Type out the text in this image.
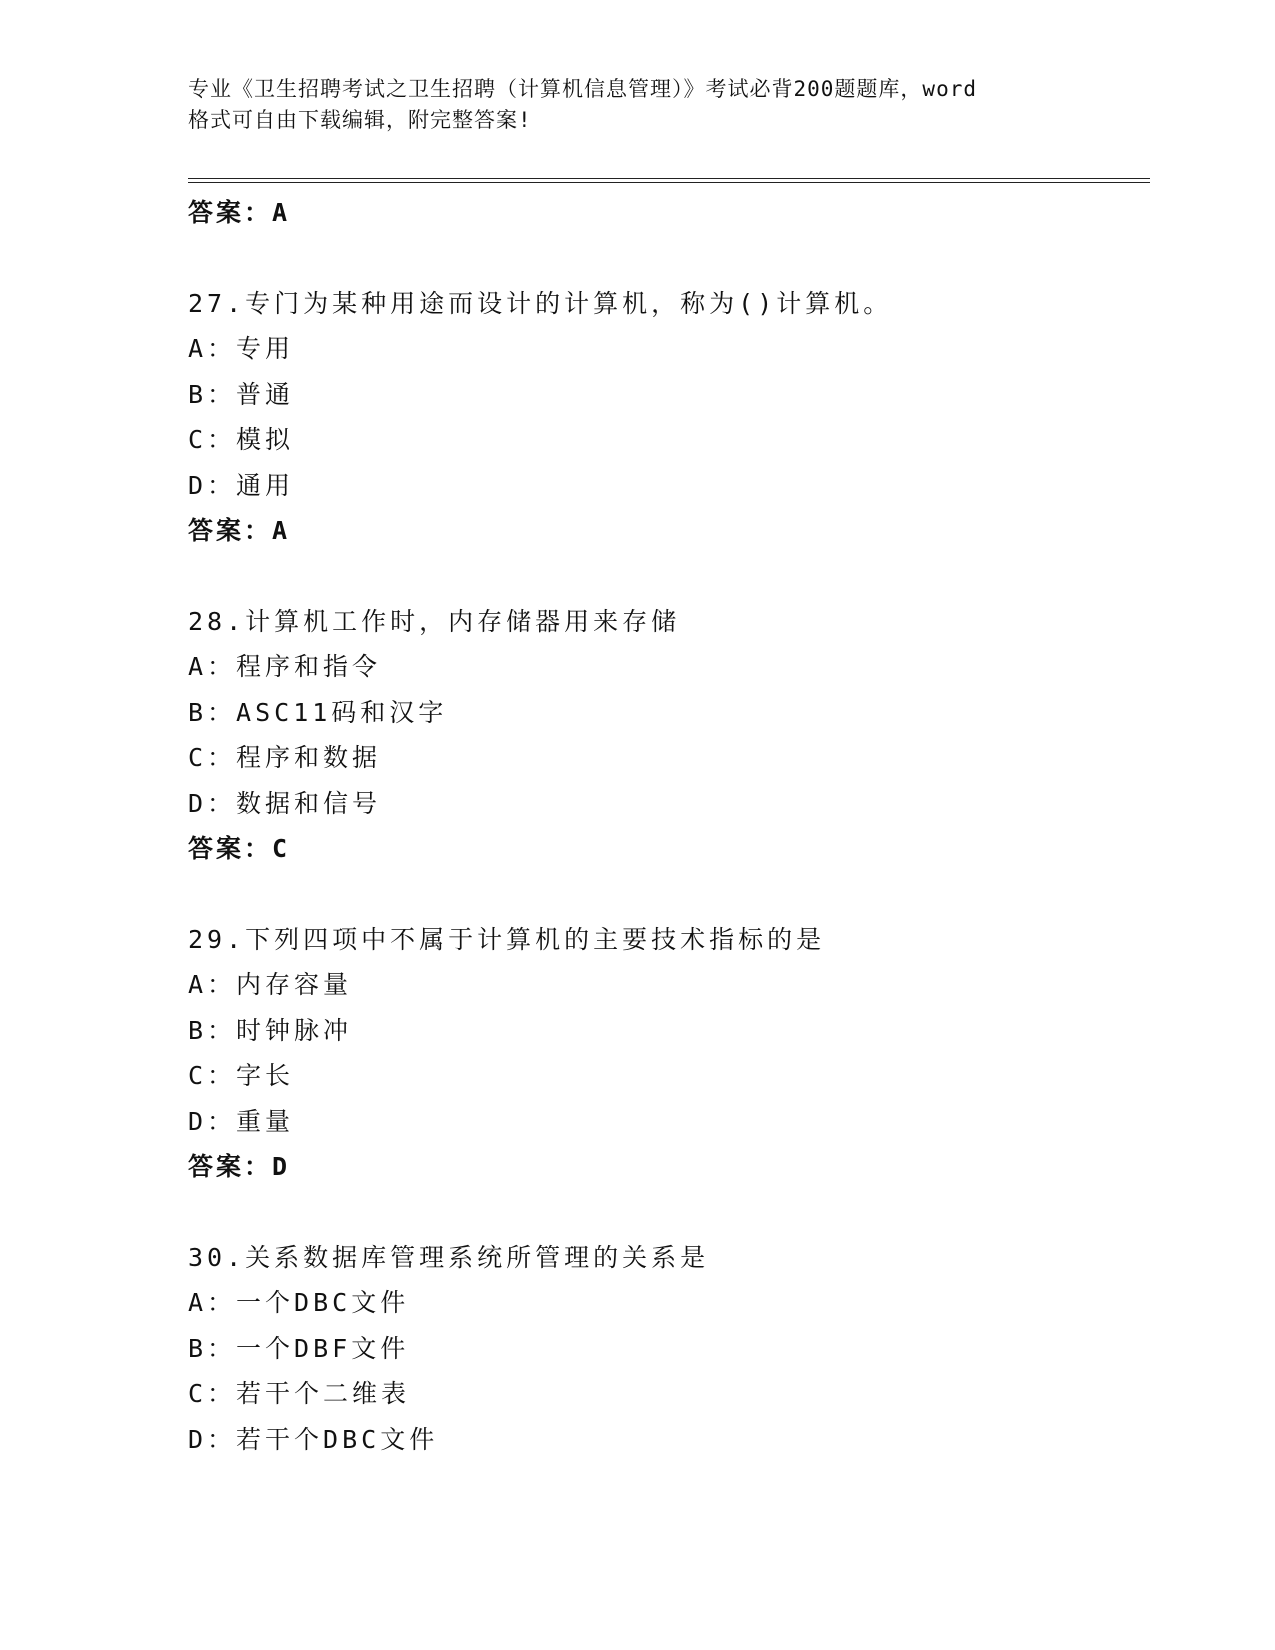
专业《卫生招聘考试之卫生招聘（计算机信息管理）》考试必背200题题库，word
格式可自由下载编辑，附完整答案!
答案：A
27.专门为某种用途而设计的计算机，称为()计算机。
A：专用
B：普通
C：模拟
D：通用
答案：A
28.计算机工作时，内存储器用来存储
A：程序和指令
B：ASC11码和汉字
C：程序和数据
D：数据和信号
答案：C
29.下列四项中不属于计算机的主要技术指标的是
A：内存容量
B：时钟脉冲
C：字长
D：重量
答案：D
30.关系数据库管理系统所管理的关系是
A：一个DBC文件
B：一个DBF文件
C：若干个二维表
D：若干个DBC文件
